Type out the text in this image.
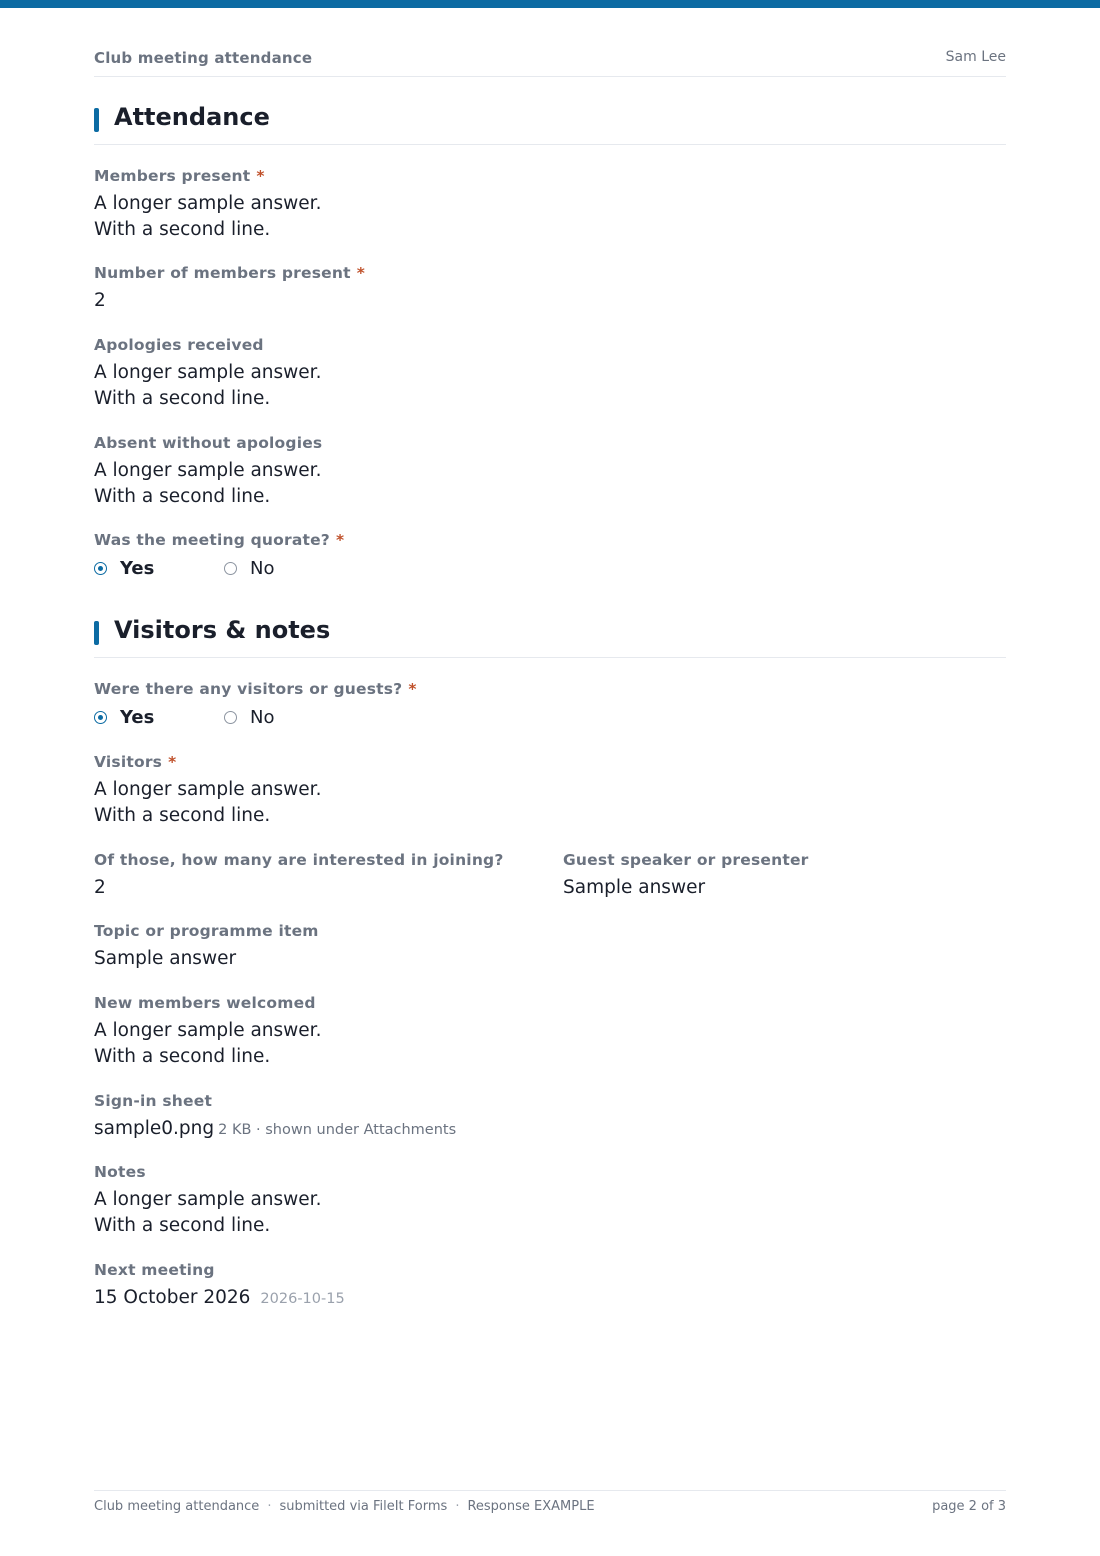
Club meeting attendance	Sam Lee
Attendance
Members present *
A longer sample answer.
With a second line.
Number of members present *
2
Apologies received
A longer sample answer.
With a second line.
Absent without apologies
A longer sample answer.
With a second line.
Was the meeting quorate? *
Yes	No
Visitors & notes
Were there any visitors or guests? *
Yes	No
Visitors *
A longer sample answer.
With a second line.
Of those, how many are interested in joining?
2
Guest speaker or presenter
Sample answer
Topic or programme item
Sample answer
New members welcomed
A longer sample answer.
With a second line.
Sign-in sheet
sample0.png 2 KB · shown under Attachments
Notes
A longer sample answer.
With a second line.
Next meeting
15 October 2026 2026-10-15
Club meeting attendance · submitted via FileIt Forms · Response EXAMPLE	page 2 of 3
